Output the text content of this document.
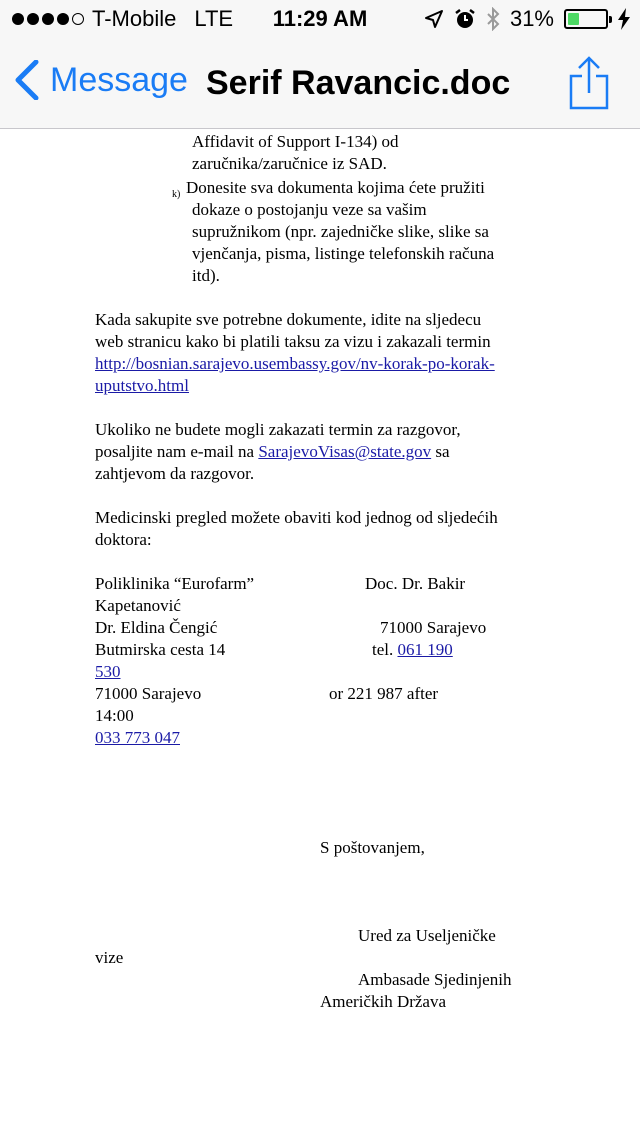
T-Mobile LTE	11:29 AM	31%
Message Serif Ravancic.doc
Affidavit of Support I-134) od
zaručnika/zaručnice iz SAD.
k) Donesite sva dokumenta kojima ćete pružiti
dokaze o postojanju veze sa vašim
supružnikom (npr. zajedničke slike, slike sa
vjenčanja, pisma, listinge telefonskih računa
itd).
Kada sakupite sve potrebne dokumente, idite na sljedecu
web stranicu kako bi platili taksu za vizu i zakazali termin
http://bosnian.sarajevo.usembassy.gov/nv-korak-po-korak-
uputstvo.html
Ukoliko ne budete mogli zakazati termin za razgovor,
posaljite nam e-mail na SarajevoVisas@state.gov sa
zahtjevom da razgovor.
Medicinski pregled možete obaviti kod jednog od sljedećih
doktora:
Poliklinika “Eurofarm”	Doc. Dr. Bakir
Kapetanović
Dr. Eldina Čengić	71000 Sarajevo
Butmirska cesta 14	tel. 061 190
530
71000 Sarajevo	or 221 987 after
14:00
033 773 047
S poštovanjem,
Ured za Useljeničke
vize
Ambasade Sjedinjenih
Američkih Država
